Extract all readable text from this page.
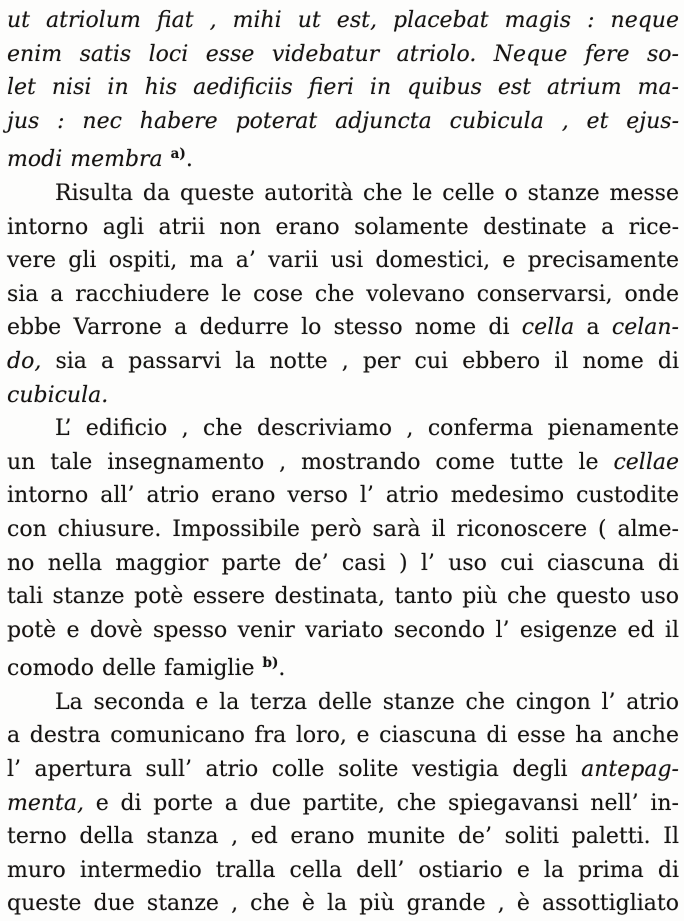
ut atriolum fiat , mihi ut est, placebat magis : neque
enim satis loci esse videbatur atriolo. Neque fere so-
let nisi in his aedificiis fieri in quibus est atrium ma-
jus : nec habere poterat adjuncta cubicula , et ejus-
modi membra $^{a)}$.
Risulta da queste autorità che le celle o stanze messe
intorno agli atrii non erano solamente destinate a rice-
vere gli ospiti, ma a’ varii usi domestici, e precisamente
sia a racchiudere le cose che volevano conservarsi, onde
ebbe Varrone a dedurre lo stesso nome di cella a celan-
do, sia a passarvi la notte , per cui ebbero il nome di
cubicula.
L’ edificio , che descriviamo , conferma pienamente
un tale insegnamento , mostrando come tutte le cellae
intorno all’ atrio erano verso l’ atrio medesimo custodite
con chiusure. Impossibile però sarà il riconoscere ( alme-
no nella maggior parte de’ casi ) l’ uso cui ciascuna di
tali stanze potè essere destinata, tanto più che questo uso
potè e dovè spesso venir variato secondo l’ esigenze ed il
comodo delle famiglie $^{b)}$.
La seconda e la terza delle stanze che cingon l’ atrio
a destra comunicano fra loro, e ciascuna di esse ha anche
l’ apertura sull’ atrio colle solite vestigia degli antepag-
menta, e di porte a due partite, che spiegavansi nell’ in-
terno della stanza , ed erano munite de’ soliti paletti. Il
muro intermedio tralla cella dell’ ostiario e la prima di
queste due stanze , che è la più grande , è assottigliato
